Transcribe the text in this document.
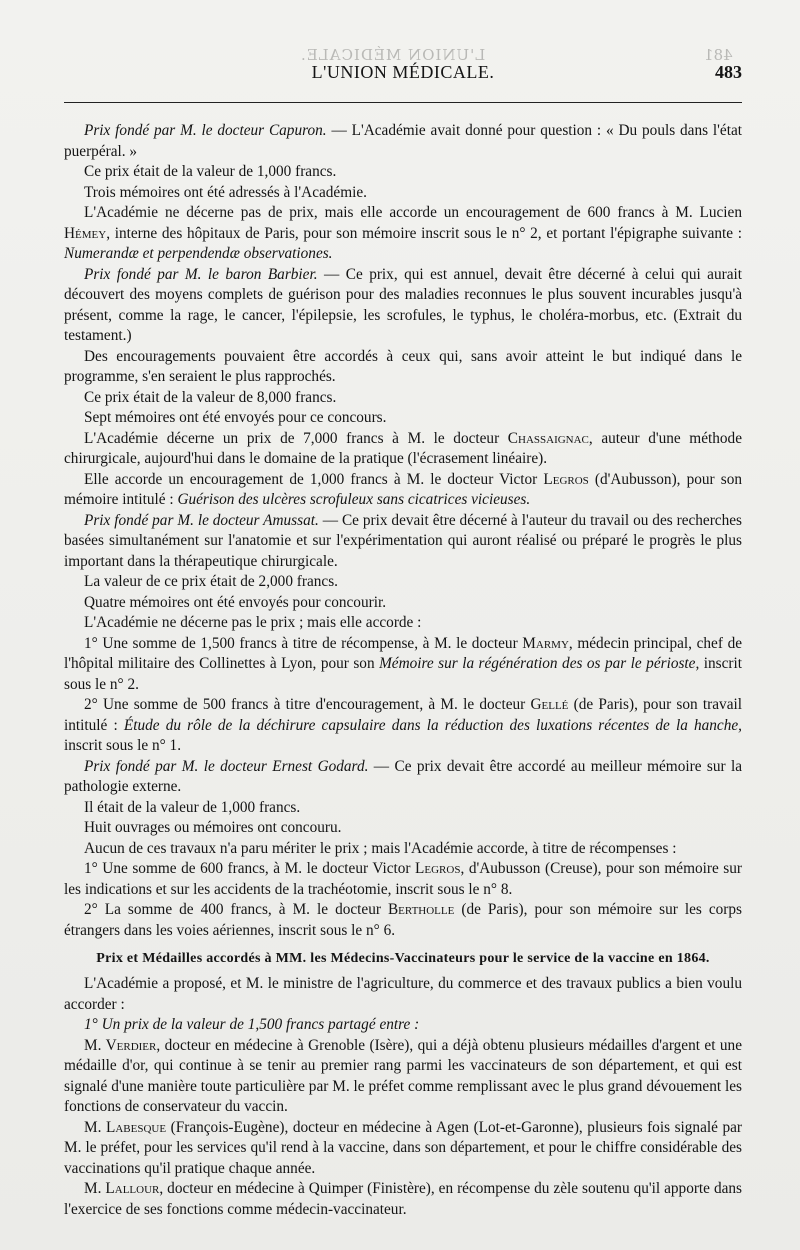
L'UNION MÉDICALE.	481
L'UNION MÉDICALE.	483

Prix fondé par M. le docteur Capuron. — L'Académie avait donné pour question : « Du pouls dans l'état puerpéral. »

Ce prix était de la valeur de 1,000 francs.

Trois mémoires ont été adressés à l'Académie.

L'Académie ne décerne pas de prix, mais elle accorde un encouragement de 600 francs à M. Lucien Hémey, interne des hôpitaux de Paris, pour son mémoire inscrit sous le n° 2, et portant l'épigraphe suivante : Numerandæ et perpendendæ observationes.

Prix fondé par M. le baron Barbier. — Ce prix, qui est annuel, devait être décerné à celui qui aurait découvert des moyens complets de guérison pour des maladies reconnues le plus souvent incurables jusqu'à présent, comme la rage, le cancer, l'épilepsie, les scrofules, le typhus, le choléra-morbus, etc. (Extrait du testament.)

Des encouragements pouvaient être accordés à ceux qui, sans avoir atteint le but indiqué dans le programme, s'en seraient le plus rapprochés.

Ce prix était de la valeur de 8,000 francs.

Sept mémoires ont été envoyés pour ce concours.

L'Académie décerne un prix de 7,000 francs à M. le docteur Chassaignac, auteur d'une méthode chirurgicale, aujourd'hui dans le domaine de la pratique (l'écrasement linéaire).

Elle accorde un encouragement de 1,000 francs à M. le docteur Victor Legros (d'Aubusson), pour son mémoire intitulé : Guérison des ulcères scrofuleux sans cicatrices vicieuses.

Prix fondé par M. le docteur Amussat. — Ce prix devait être décerné à l'auteur du travail ou des recherches basées simultanément sur l'anatomie et sur l'expérimentation qui auront réalisé ou préparé le progrès le plus important dans la thérapeutique chirurgicale.

La valeur de ce prix était de 2,000 francs.

Quatre mémoires ont été envoyés pour concourir.

L'Académie ne décerne pas le prix ; mais elle accorde :

1° Une somme de 1,500 francs à titre de récompense, à M. le docteur Marmy, médecin principal, chef de l'hôpital militaire des Collinettes à Lyon, pour son Mémoire sur la régénération des os par le périoste, inscrit sous le n° 2.

2° Une somme de 500 francs à titre d'encouragement, à M. le docteur Gellé (de Paris), pour son travail intitulé : Étude du rôle de la déchirure capsulaire dans la réduction des luxations récentes de la hanche, inscrit sous le n° 1.

Prix fondé par M. le docteur Ernest Godard. — Ce prix devait être accordé au meilleur mémoire sur la pathologie externe.

Il était de la valeur de 1,000 francs.

Huit ouvrages ou mémoires ont concouru.

Aucun de ces travaux n'a paru mériter le prix ; mais l'Académie accorde, à titre de récompenses :

1° Une somme de 600 francs, à M. le docteur Victor Legros, d'Aubusson (Creuse), pour son mémoire sur les indications et sur les accidents de la trachéotomie, inscrit sous le n° 8.

2° La somme de 400 francs, à M. le docteur Bertholle (de Paris), pour son mémoire sur les corps étrangers dans les voies aériennes, inscrit sous le n° 6.

Prix et Médailles accordés à MM. les Médecins-Vaccinateurs pour le service de la vaccine en 1864.

L'Académie a proposé, et M. le ministre de l'agriculture, du commerce et des travaux publics a bien voulu accorder :

1° Un prix de la valeur de 1,500 francs partagé entre :

M. Verdier, docteur en médecine à Grenoble (Isère), qui a déjà obtenu plusieurs médailles d'argent et une médaille d'or, qui continue à se tenir au premier rang parmi les vaccinateurs de son département, et qui est signalé d'une manière toute particulière par M. le préfet comme remplissant avec le plus grand dévouement les fonctions de conservateur du vaccin.

M. Labesque (François-Eugène), docteur en médecine à Agen (Lot-et-Garonne), plusieurs fois signalé par M. le préfet, pour les services qu'il rend à la vaccine, dans son département, et pour le chiffre considérable des vaccinations qu'il pratique chaque année.

M. Lallour, docteur en médecine à Quimper (Finistère), en récompense du zèle soutenu qu'il apporte dans l'exercice de ses fonctions comme médecin-vaccinateur.
